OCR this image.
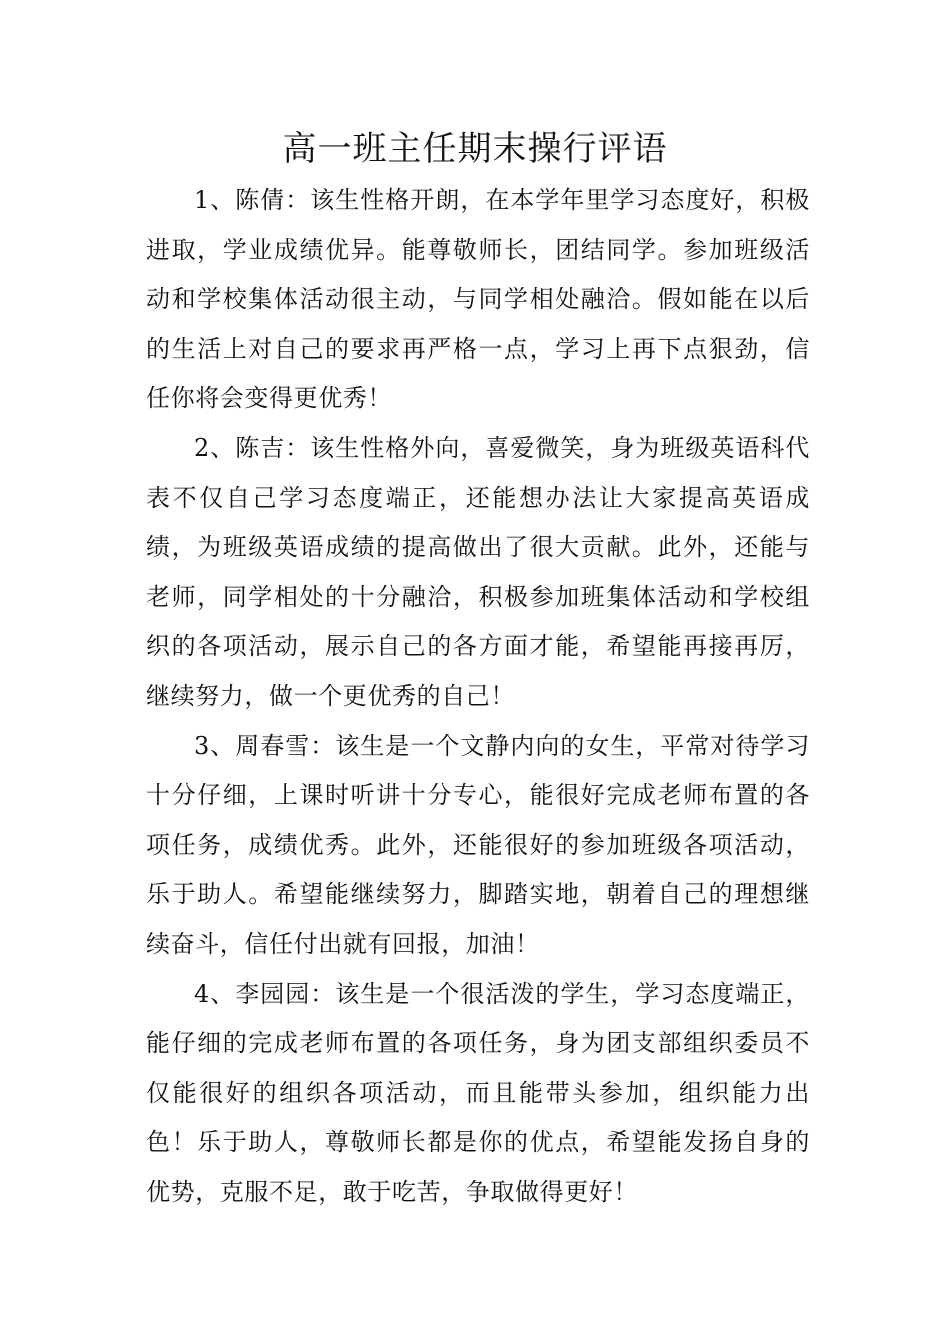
高一班主任期末操行评语

1、陈倩：该生性格开朗，在本学年里学习态度好，积极进取，学业成绩优异。能尊敬师长，团结同学。参加班级活动和学校集体活动很主动，与同学相处融洽。假如能在以后的生活上对自己的要求再严格一点，学习上再下点狠劲，信任你将会变得更优秀！

2、陈吉：该生性格外向，喜爱微笑，身为班级英语科代表不仅自己学习态度端正，还能想办法让大家提高英语成绩，为班级英语成绩的提高做出了很大贡献。此外，还能与老师，同学相处的十分融洽，积极参加班集体活动和学校组织的各项活动，展示自己的各方面才能，希望能再接再厉，继续努力，做一个更优秀的自己！

3、周春雪：该生是一个文静内向的女生，平常对待学习十分仔细，上课时听讲十分专心，能很好完成老师布置的各项任务，成绩优秀。此外，还能很好的参加班级各项活动，乐于助人。希望能继续努力，脚踏实地，朝着自己的理想继续奋斗，信任付出就有回报，加油！

4、李园园：该生是一个很活泼的学生，学习态度端正，能仔细的完成老师布置的各项任务，身为团支部组织委员不仅能很好的组织各项活动，而且能带头参加，组织能力出色！乐于助人，尊敬师长都是你的优点，希望能发扬自身的优势，克服不足，敢于吃苦，争取做得更好！
